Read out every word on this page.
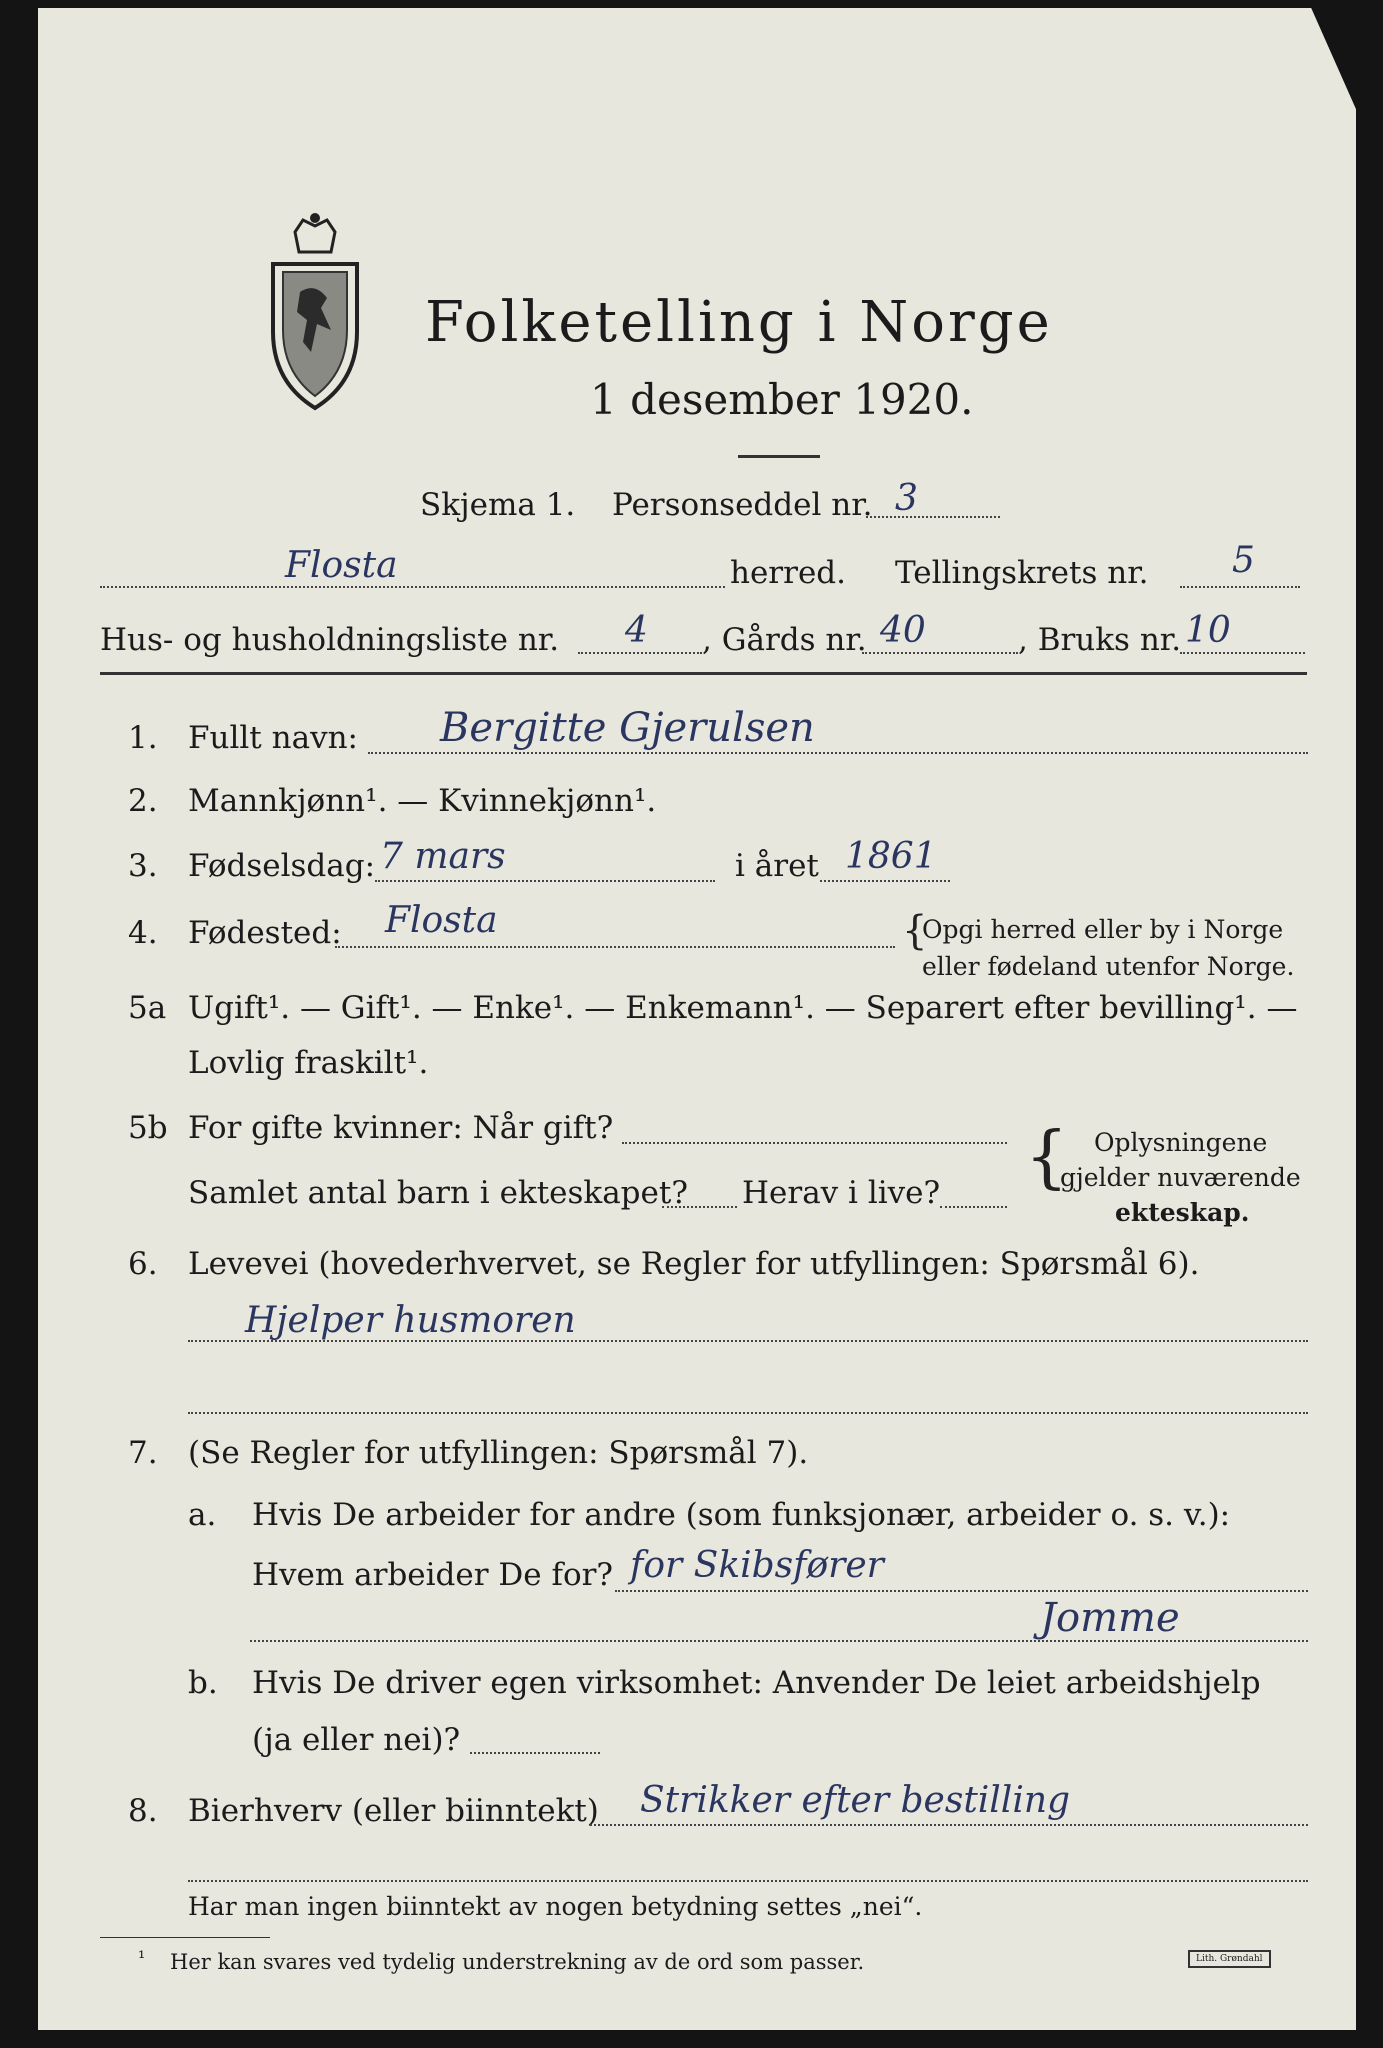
Folketelling i Norge
1 desember 1920.
Skjema 1. Personseddel nr. 3
Flosta	herred. Tellingskrets nr. 5
Hus- og husholdningsliste nr. 4 , Gårds nr. 40	, Bruks nr. 10
1. Fullt navn: Bergitte Gjerulsen
2. Mannkjønn¹. — Kvinnekjønn¹.
3. Fødselsdag: 7 mars	i året 1861
4. Fødested: Flosta	{
Opgi herred eller by i Norge
eller fødeland utenfor Norge.
5a Ugift¹. — Gift¹. — Enke¹. — Enkemann¹. — Separert efter bevilling¹. —
Lovlig fraskilt¹.
5b For gifte kvinner: Når gift?
Samlet antal barn i ekteskapet? Herav i live? { Oplysningene
gjelder nuværende
ekteskap.
6. Levevei (hovederhvervet, se Regler for utfyllingen: Spørsmål 6).
Hjelper husmoren
7. (Se Regler for utfyllingen: Spørsmål 7).
a. Hvis De arbeider for andre (som funksjonær, arbeider o. s. v.):
Hvem arbeider De for? for Skibsfører
Jomme
b. Hvis De driver egen virksomhet: Anvender De leiet arbeidshjelp
(ja eller nei)?
8. Bierhverv (eller biinntekt) Strikker efter bestilling
Har man ingen biinntekt av nogen betydning settes „nei“.
¹ Her kan svares ved tydelig understrekning av de ord som passer.	Lith. Grøndahl
